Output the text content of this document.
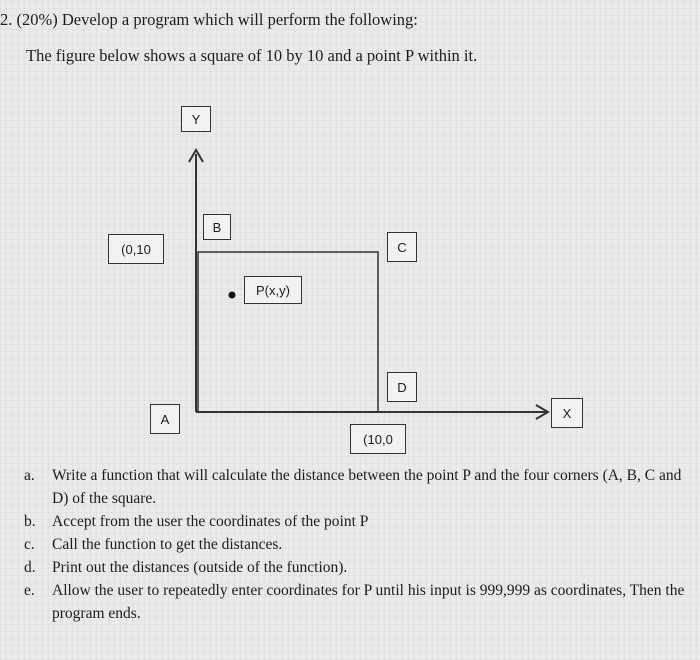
2. (20%) Develop a program which will perform the following:
The figure below shows a square of 10 by 10 and a point P within it.
Y
B
(0,10	C
P(x,y)
D
X
A
(10,0
a.	Write a function that will calculate the distance between the point P and the four corners (A, B, C and D) of the square.
b.	Accept from the user the coordinates of the point P
c.	Call the function to get the distances.
d.	Print out the distances (outside of the function).
e.	Allow the user to repeatedly enter coordinates for P until his input is 999,999 as coordinates, Then the program ends.
